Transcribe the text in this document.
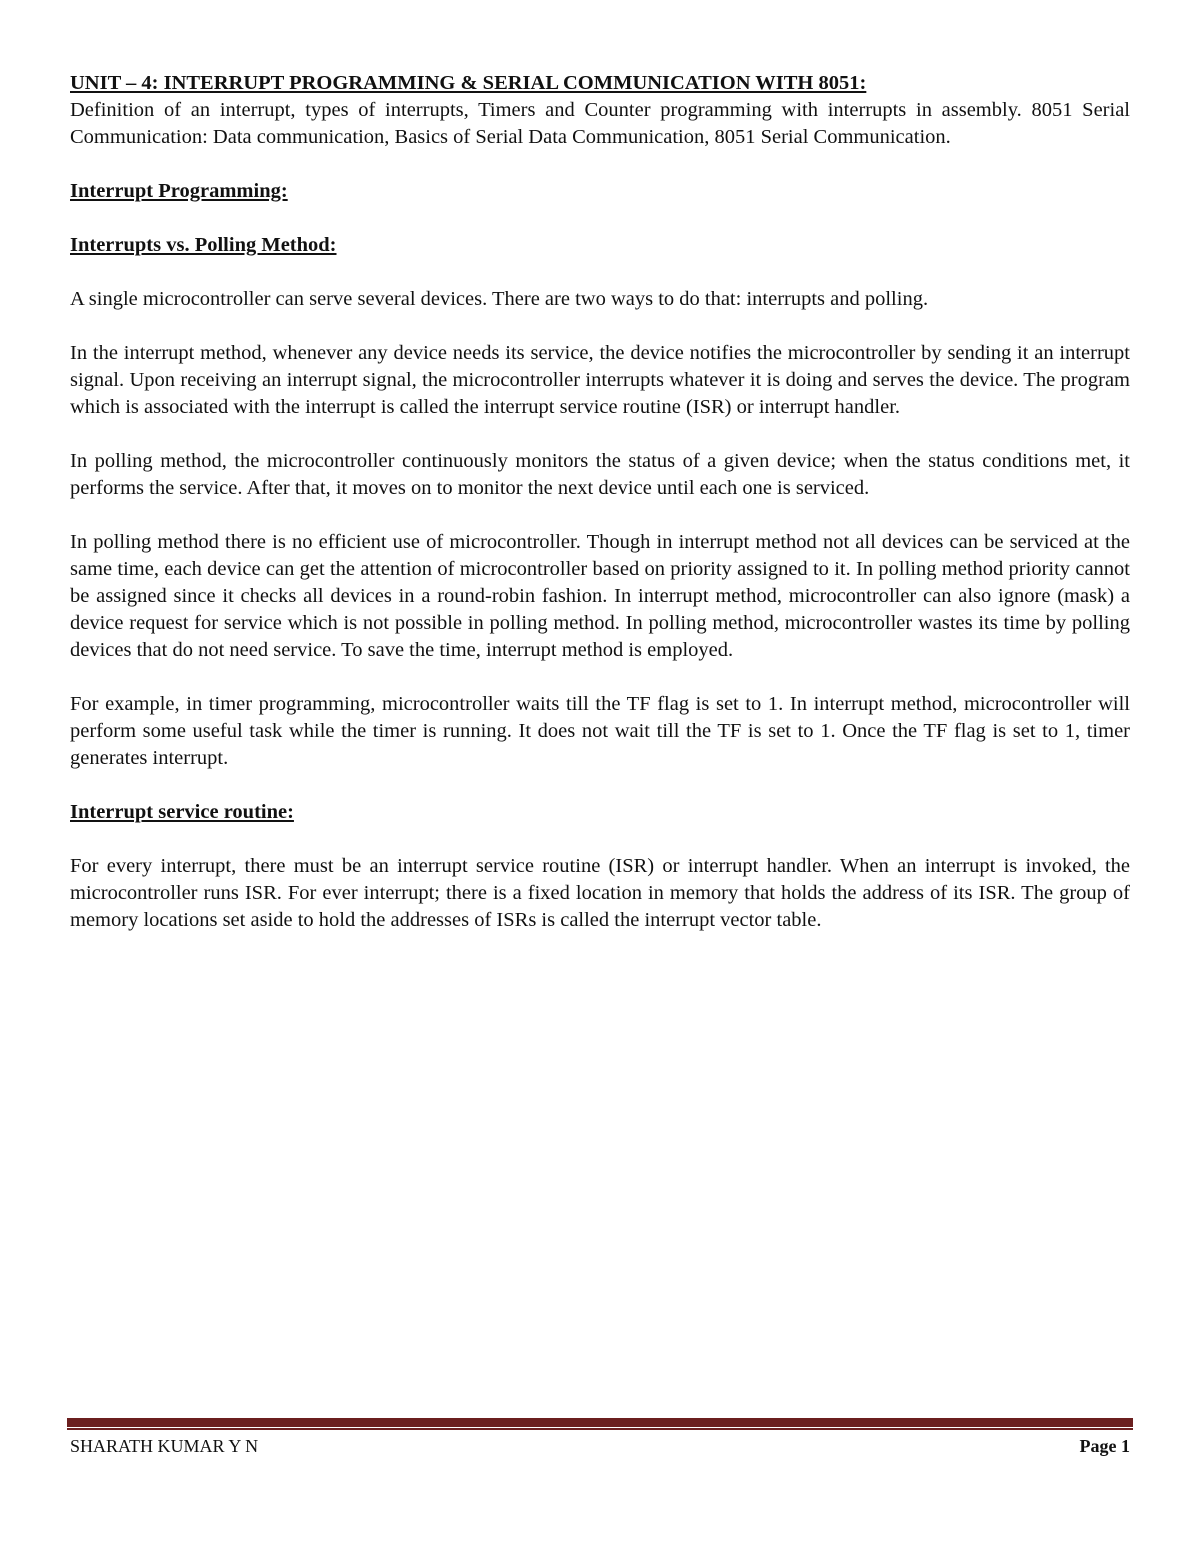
UNIT – 4: INTERRUPT PROGRAMMING & SERIAL COMMUNICATION WITH 8051:

Definition of an interrupt, types of interrupts, Timers and Counter programming with interrupts in assembly. 8051 Serial Communication: Data communication, Basics of Serial Data Communication, 8051 Serial Communication.

Interrupt Programming:

Interrupts vs. Polling Method:

A single microcontroller can serve several devices. There are two ways to do that: interrupts and polling.

In the interrupt method, whenever any device needs its service, the device notifies the microcontroller by sending it an interrupt signal. Upon receiving an interrupt signal, the microcontroller interrupts whatever it is doing and serves the device. The program which is associated with the interrupt is called the interrupt service routine (ISR) or interrupt handler.

In polling method, the microcontroller continuously monitors the status of a given device; when the status conditions met, it performs the service. After that, it moves on to monitor the next device until each one is serviced.

In polling method there is no efficient use of microcontroller. Though in interrupt method not all devices can be serviced at the same time, each device can get the attention of microcontroller based on priority assigned to it. In polling method priority cannot be assigned since it checks all devices in a round-robin fashion. In interrupt method, microcontroller can also ignore (mask) a device request for service which is not possible in polling method. In polling method, microcontroller wastes its time by polling devices that do not need service. To save the time, interrupt method is employed.

For example, in timer programming, microcontroller waits till the TF flag is set to 1. In interrupt method, microcontroller will perform some useful task while the timer is running. It does not wait till the TF is set to 1. Once the TF flag is set to 1, timer generates interrupt.

Interrupt service routine:

For every interrupt, there must be an interrupt service routine (ISR) or interrupt handler. When an interrupt is invoked, the microcontroller runs ISR. For ever interrupt; there is a fixed location in memory that holds the address of its ISR. The group of memory locations set aside to hold the addresses of ISRs is called the interrupt vector table.

SHARATH KUMAR Y N	Page 1
